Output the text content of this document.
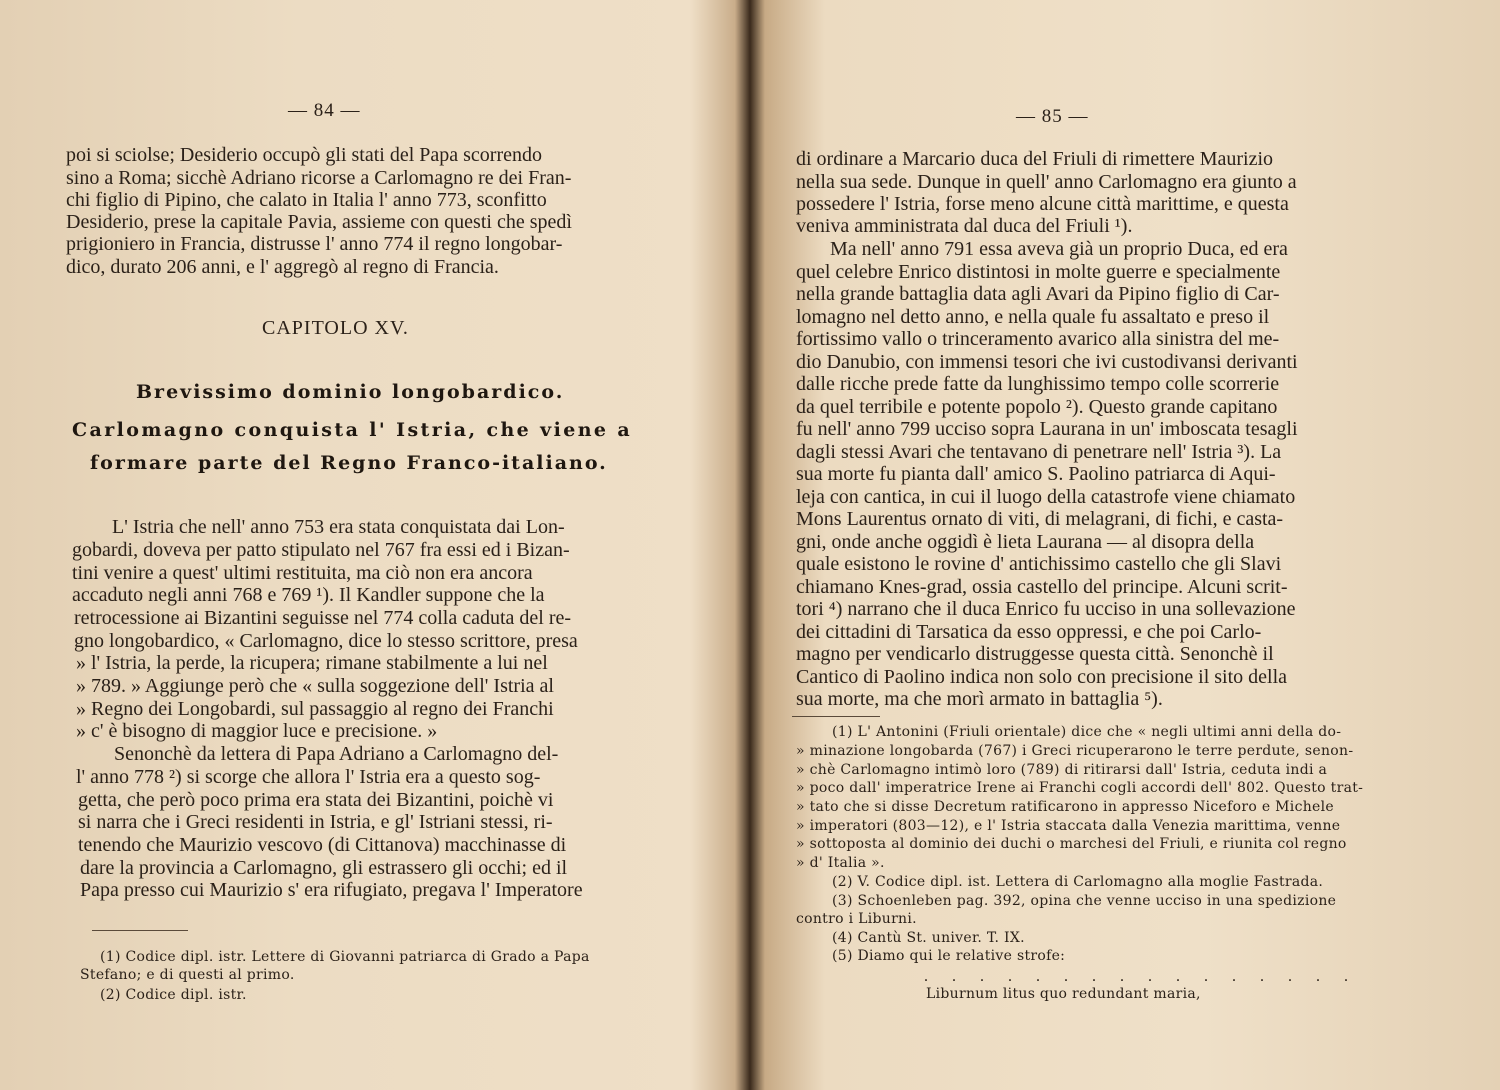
— 84 —
poi si sciolse; Desiderio occupò gli stati del Papa scorrendo
sino a Roma; sicchè Adriano ricorse a Carlomagno re dei Fran-
chi figlio di Pipino, che calato in Italia l' anno 773, sconfitto
Desiderio, prese la capitale Pavia, assieme con questi che spedì
prigioniero in Francia, distrusse l' anno 774 il regno longobar-
dico, durato 206 anni, e l' aggregò al regno di Francia.
CAPITOLO XV.
Brevissimo dominio longobardico.
Carlomagno conquista l' Istria, che viene a
formare parte del Regno Franco-italiano.
L' Istria che nell' anno 753 era stata conquistata dai Lon-
gobardi, doveva per patto stipulato nel 767 fra essi ed i Bizan-
tini venire a quest' ultimi restituita, ma ciò non era ancora
accaduto negli anni 768 e 769 ¹). Il Kandler suppone che la
retrocessione ai Bizantini seguisse nel 774 colla caduta del re-
gno longobardico, « Carlomagno, dice lo stesso scrittore, presa
» l' Istria, la perde, la ricupera; rimane stabilmente a lui nel
» 789. » Aggiunge però che « sulla soggezione dell' Istria al
» Regno dei Longobardi, sul passaggio al regno dei Franchi
» c' è bisogno di maggior luce e precisione. »
Senonchè da lettera di Papa Adriano a Carlomagno del-
l' anno 778 ²) si scorge che allora l' Istria era a questo sog-
getta, che però poco prima era stata dei Bizantini, poichè vi
si narra che i Greci residenti in Istria, e gl' Istriani stessi, ri-
tenendo che Maurizio vescovo (di Cittanova) macchinasse di
dare la provincia a Carlomagno, gli estrassero gli occhi; ed il
Papa presso cui Maurizio s' era rifugiato, pregava l' Imperatore
(1) Codice dipl. istr. Lettere di Giovanni patriarca di Grado a Papa
Stefano; e di questi al primo.
(2) Codice dipl. istr.
— 85 —
di ordinare a Marcario duca del Friuli di rimettere Maurizio
nella sua sede. Dunque in quell' anno Carlomagno era giunto a
possedere l' Istria, forse meno alcune città marittime, e questa
veniva amministrata dal duca del Friuli ¹).
Ma nell' anno 791 essa aveva già un proprio Duca, ed era
quel celebre Enrico distintosi in molte guerre e specialmente
nella grande battaglia data agli Avari da Pipino figlio di Car-
lomagno nel detto anno, e nella quale fu assaltato e preso il
fortissimo vallo o trinceramento avarico alla sinistra del me-
dio Danubio, con immensi tesori che ivi custodivansi derivanti
dalle ricche prede fatte da lunghissimo tempo colle scorrerie
da quel terribile e potente popolo ²). Questo grande capitano
fu nell' anno 799 ucciso sopra Laurana in un' imboscata tesagli
dagli stessi Avari che tentavano di penetrare nell' Istria ³). La
sua morte fu pianta dall' amico S. Paolino patriarca di Aqui-
leja con cantica, in cui il luogo della catastrofe viene chiamato
Mons Laurentus ornato di viti, di melagrani, di fichi, e casta-
gni, onde anche oggidì è lieta Laurana — al disopra della
quale esistono le rovine d' antichissimo castello che gli Slavi
chiamano Knes-grad, ossia castello del principe. Alcuni scrit-
tori ⁴) narrano che il duca Enrico fu ucciso in una sollevazione
dei cittadini di Tarsatica da esso oppressi, e che poi Carlo-
magno per vendicarlo distruggesse questa città. Senonchè il
Cantico di Paolino indica non solo con precisione il sito della
sua morte, ma che morì armato in battaglia ⁵).
(1) L' Antonini (Friuli orientale) dice che « negli ultimi anni della do-
» minazione longobarda (767) i Greci ricuperarono le terre perdute, senon-
» chè Carlomagno intimò loro (789) di ritirarsi dall' Istria, ceduta indi a
» poco dall' imperatrice Irene ai Franchi cogli accordi dell' 802. Questo trat-
» tato che si disse Decretum ratificarono in appresso Niceforo e Michele
» imperatori (803—12), e l' Istria staccata dalla Venezia marittima, venne
» sottoposta al dominio dei duchi o marchesi del Friuli, e riunita col regno
» d' Italia ».
(2) V. Codice dipl. ist. Lettera di Carlomagno alla moglie Fastrada.
(3) Schoenleben pag. 392, opina che venne ucciso in una spedizione
contro i Liburni.
(4) Cantù St. univer. T. IX.
(5) Diamo qui le relative strofe:
. . . . . . . . . . . . . . . .
Liburnum litus quo redundant maria,
